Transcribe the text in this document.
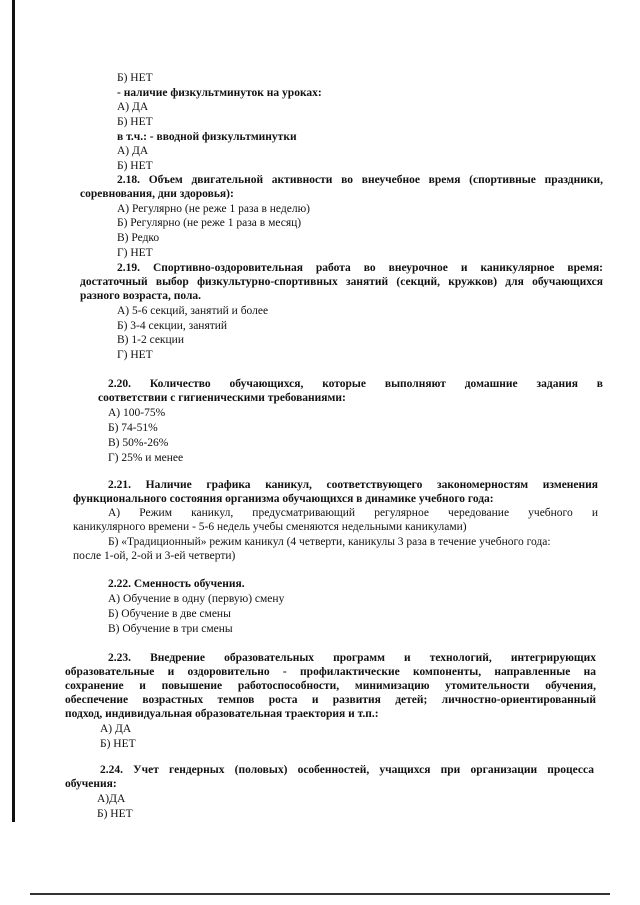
Б) НЕТ
- наличие физкультминуток на уроках:
А) ДА
Б) НЕТ
в т.ч.: - вводной физкультминутки
А) ДА
Б) НЕТ
2.18. Объем двигательной активности во внеучебное время (спортивные праздники,
соревнования, дни здоровья):
А) Регулярно (не реже 1 раза в неделю)
Б) Регулярно (не реже 1 раза в месяц)
В) Редко
Г) НЕТ
2.19. Спортивно-оздоровительная работа во внеурочное и каникулярное время:
достаточный выбор физкультурно-спортивных занятий (секций, кружков) для обучающихся
разного возраста, пола.
А) 5-6 секций, занятий и более
Б) 3-4 секции, занятий
В) 1-2 секции
Г) НЕТ
2.20. Количество обучающихся, которые выполняют домашние задания в
соответствии с гигиеническими требованиями:
А) 100-75%
Б) 74-51%
В) 50%-26%
Г) 25% и менее
2.21. Наличие графика каникул, соответствующего закономерностям изменения
функционального состояния организма обучающихся в динамике учебного года:
А) Режим каникул, предусматривающий регулярное чередование учебного и
каникулярного времени - 5-6 недель учебы сменяются недельными каникулами)
Б) «Традиционный» режим каникул (4 четверти, каникулы 3 раза в течение учебного года:
после 1-ой, 2-ой и 3-ей четверти)
2.22. Сменность обучения.
А) Обучение в одну (первую) смену
Б) Обучение в две смены
В) Обучение в три смены
2.23. Внедрение образовательных программ и технологий, интегрирующих
образовательные и оздоровительно - профилактические компоненты, направленные на
сохранение и повышение работоспособности, минимизацию утомительности обучения,
обеспечение возрастных темпов роста и развития детей; личностно-ориентированный
подход, индивидуальная образовательная траектория и т.п.:
А) ДА
Б) НЕТ
2.24. Учет гендерных (половых) особенностей, учащихся при организации процесса
обучения:
А)ДА
Б) НЕТ
